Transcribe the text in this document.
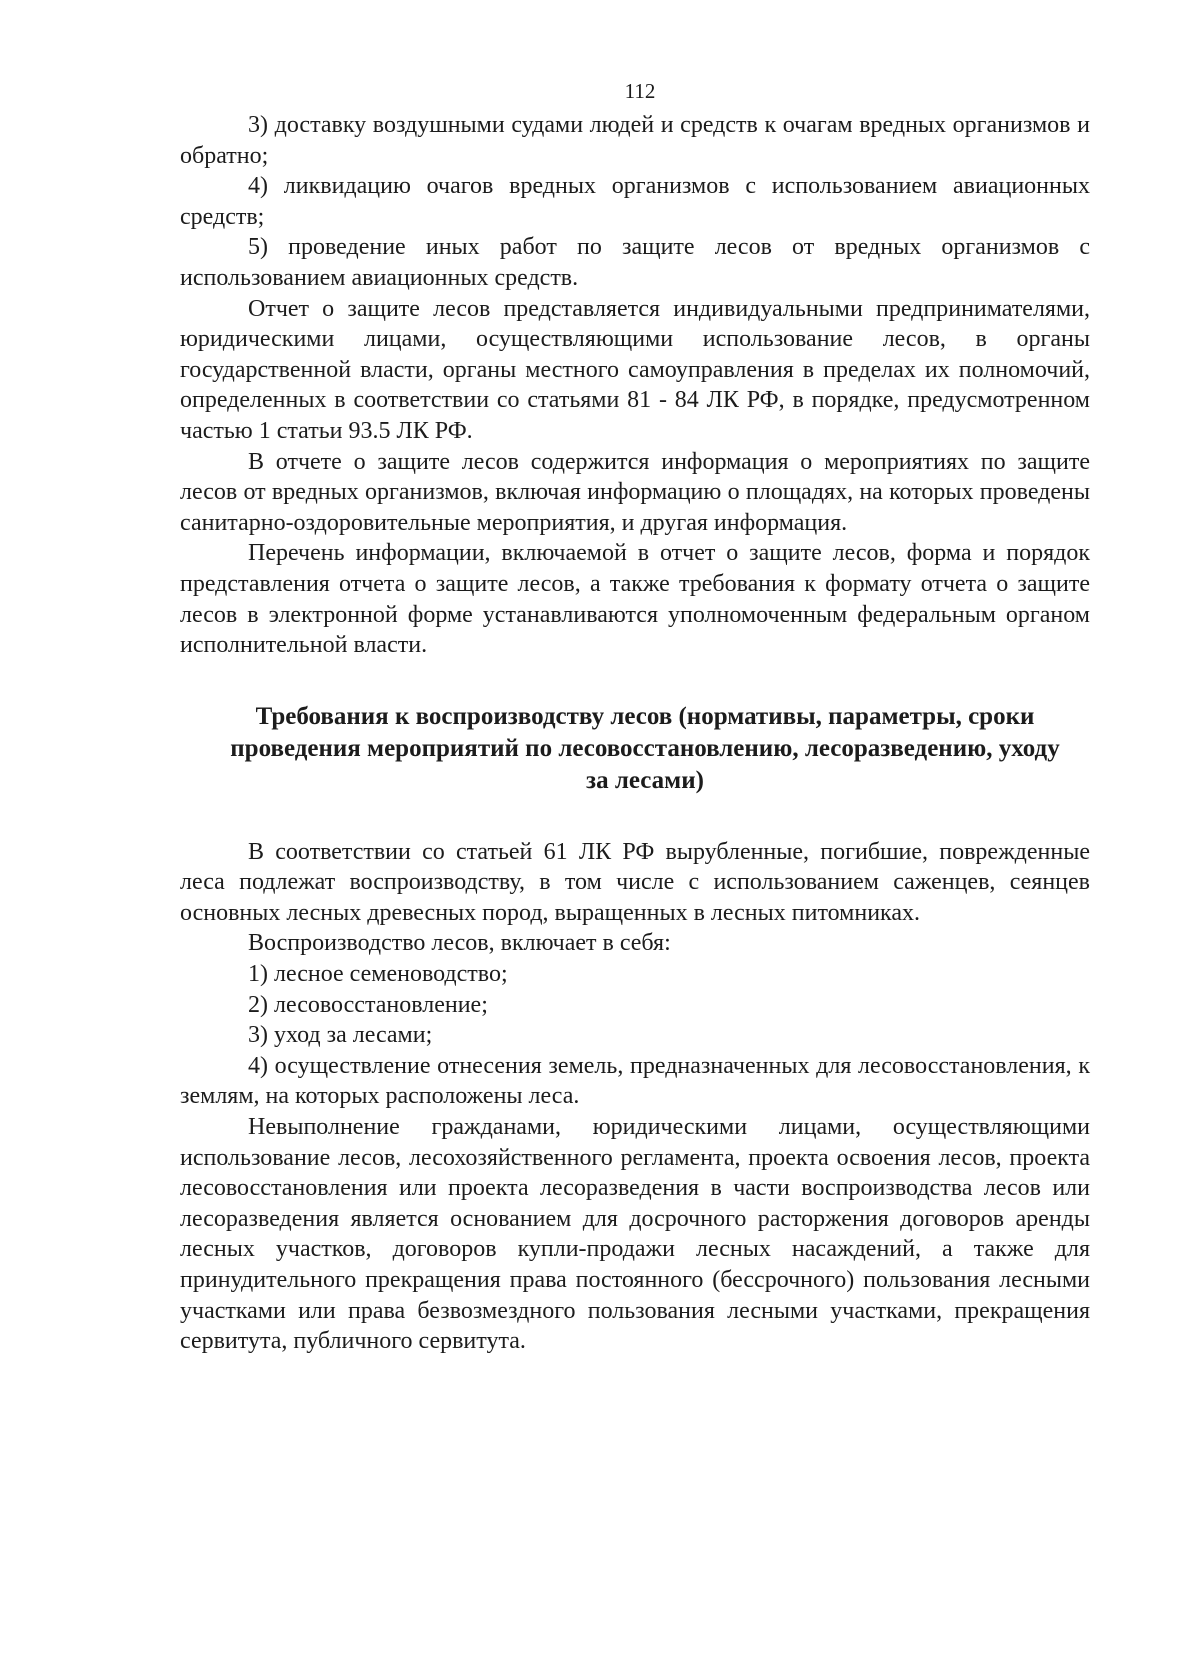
112

3) доставку воздушными судами людей и средств к очагам вредных организмов и обратно;

4) ликвидацию очагов вредных организмов с использованием авиационных средств;

5) проведение иных работ по защите лесов от вредных организмов с использованием авиационных средств.

Отчет о защите лесов представляется индивидуальными предпринимателями, юридическими лицами, осуществляющими использование лесов, в органы государственной власти, органы местного самоуправления в пределах их полномочий, определенных в соответствии со статьями 81 - 84 ЛК РФ, в порядке, предусмотренном частью 1 статьи 93.5 ЛК РФ.

В отчете о защите лесов содержится информация о мероприятиях по защите лесов от вредных организмов, включая информацию о площадях, на которых проведены санитарно-оздоровительные мероприятия, и другая информация.

Перечень информации, включаемой в отчет о защите лесов, форма и порядок представления отчета о защите лесов, а также требования к формату отчета о защите лесов в электронной форме устанавливаются уполномоченным федеральным органом исполнительной власти.

Требования к воспроизводству лесов (нормативы, параметры, сроки проведения мероприятий по лесовосстановлению, лесоразведению, уходу за лесами)

В соответствии со статьей 61 ЛК РФ вырубленные, погибшие, поврежденные леса подлежат воспроизводству, в том числе с использованием саженцев, сеянцев основных лесных древесных пород, выращенных в лесных питомниках.

Воспроизводство лесов, включает в себя:

1) лесное семеноводство;

2) лесовосстановление;

3) уход за лесами;

4) осуществление отнесения земель, предназначенных для лесовосстановления, к землям, на которых расположены леса.

Невыполнение гражданами, юридическими лицами, осуществляющими использование лесов, лесохозяйственного регламента, проекта освоения лесов, проекта лесовосстановления или проекта лесоразведения в части воспроизводства лесов или лесоразведения является основанием для досрочного расторжения договоров аренды лесных участков, договоров купли-продажи лесных насаждений, а также для принудительного прекращения права постоянного (бессрочного) пользования лесными участками или права безвозмездного пользования лесными участками, прекращения сервитута, публичного сервитута.
